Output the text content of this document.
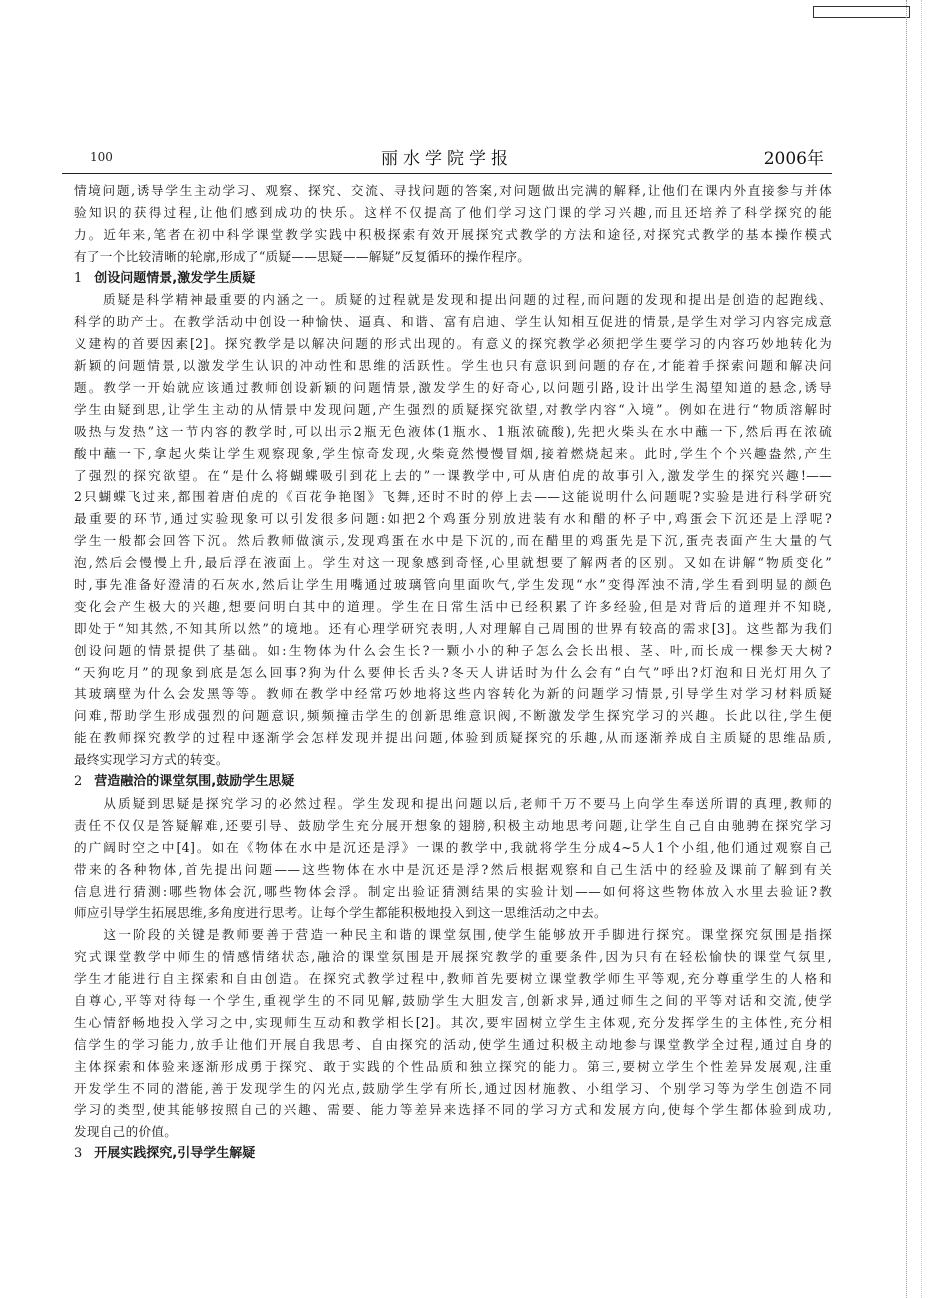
100	丽水学院学报	2006年
情境问题,诱导学生主动学习、观察、探究、交流、寻找问题的答案,对问题做出完满的解释,让他们在课内外直接参与并体
验知识的获得过程,让他们感到成功的快乐。这样不仅提高了他们学习这门课的学习兴趣,而且还培养了科学探究的能
力。近年来,笔者在初中科学课堂教学实践中积极探索有效开展探究式教学的方法和途径,对探究式教学的基本操作模式
有了一个比较清晰的轮廓,形成了“质疑——思疑——解疑”反复循环的操作程序。
1 创设问题情景,激发学生质疑
　　质疑是科学精神最重要的内涵之一。质疑的过程就是发现和提出问题的过程,而问题的发现和提出是创造的起跑线、
科学的助产士。在教学活动中创设一种愉快、逼真、和谐、富有启迪、学生认知相互促进的情景,是学生对学习内容完成意
义建构的首要因素[2]。探究教学是以解决问题的形式出现的。有意义的探究教学必须把学生要学习的内容巧妙地转化为
新颖的问题情景,以激发学生认识的冲动性和思维的活跃性。学生也只有意识到问题的存在,才能着手探索问题和解决问
题。教学一开始就应该通过教师创设新颖的问题情景,激发学生的好奇心,以问题引路,设计出学生渴望知道的悬念,诱导
学生由疑到思,让学生主动的从情景中发现问题,产生强烈的质疑探究欲望,对教学内容“入境”。例如在进行“物质溶解时
吸热与发热”这一节内容的教学时,可以出示2瓶无色液体(1瓶水、1瓶浓硫酸),先把火柴头在水中蘸一下,然后再在浓硫
酸中蘸一下,拿起火柴让学生观察现象,学生惊奇发现,火柴竟然慢慢冒烟,接着燃烧起来。此时,学生个个兴趣盎然,产生
了强烈的探究欲望。在“是什么将蝴蝶吸引到花上去的”一课教学中,可从唐伯虎的故事引入,激发学生的探究兴趣!——
2只蝴蝶飞过来,都围着唐伯虎的《百花争艳图》飞舞,还时不时的停上去——这能说明什么问题呢?实验是进行科学研究
最重要的环节,通过实验现象可以引发很多问题:如把2个鸡蛋分别放进装有水和醋的杯子中,鸡蛋会下沉还是上浮呢?
学生一般都会回答下沉。然后教师做演示,发现鸡蛋在水中是下沉的,而在醋里的鸡蛋先是下沉,蛋壳表面产生大量的气
泡,然后会慢慢上升,最后浮在液面上。学生对这一现象感到奇怪,心里就想要了解两者的区别。又如在讲解“物质变化”
时,事先准备好澄清的石灰水,然后让学生用嘴通过玻璃管向里面吹气,学生发现“水”变得浑浊不清,学生看到明显的颜色
变化会产生极大的兴趣,想要问明白其中的道理。学生在日常生活中已经积累了许多经验,但是对背后的道理并不知晓,
即处于“知其然,不知其所以然”的境地。还有心理学研究表明,人对理解自己周围的世界有较高的需求[3]。这些都为我们
创设问题的情景提供了基础。如:生物体为什么会生长?一颗小小的种子怎么会长出根、茎、叶,而长成一棵参天大树?
“天狗吃月”的现象到底是怎么回事?狗为什么要伸长舌头?冬天人讲话时为什么会有“白气”呼出?灯泡和日光灯用久了
其玻璃壁为什么会发黑等等。教师在教学中经常巧妙地将这些内容转化为新的问题学习情景,引导学生对学习材料质疑
问难,帮助学生形成强烈的问题意识,频频撞击学生的创新思维意识阀,不断激发学生探究学习的兴趣。长此以往,学生便
能在教师探究教学的过程中逐渐学会怎样发现并提出问题,体验到质疑探究的乐趣,从而逐渐养成自主质疑的思维品质,
最终实现学习方式的转变。
2 营造融洽的课堂氛围,鼓励学生思疑
　　从质疑到思疑是探究学习的必然过程。学生发现和提出问题以后,老师千万不要马上向学生奉送所谓的真理,教师的
责任不仅仅是答疑解难,还要引导、鼓励学生充分展开想象的翅膀,积极主动地思考问题,让学生自己自由驰骋在探究学习
的广阔时空之中[4]。如在《物体在水中是沉还是浮》一课的教学中,我就将学生分成4~5人1个小组,他们通过观察自己
带来的各种物体,首先提出问题——这些物体在水中是沉还是浮?然后根据观察和自己生活中的经验及课前了解到有关
信息进行猜测:哪些物体会沉,哪些物体会浮。制定出验证猜测结果的实验计划——如何将这些物体放入水里去验证?教
师应引导学生拓展思维,多角度进行思考。让每个学生都能积极地投入到这一思维活动之中去。
　　这一阶段的关键是教师要善于营造一种民主和谐的课堂氛围,使学生能够放开手脚进行探究。课堂探究氛围是指探
究式课堂教学中师生的情感情绪状态,融洽的课堂氛围是开展探究教学的重要条件,因为只有在轻松愉快的课堂气氛里,
学生才能进行自主探索和自由创造。在探究式教学过程中,教师首先要树立课堂教学师生平等观,充分尊重学生的人格和
自尊心,平等对待每一个学生,重视学生的不同见解,鼓励学生大胆发言,创新求异,通过师生之间的平等对话和交流,使学
生心情舒畅地投入学习之中,实现师生互动和教学相长[2]。其次,要牢固树立学生主体观,充分发挥学生的主体性,充分相
信学生的学习能力,放手让他们开展自我思考、自由探究的活动,使学生通过积极主动地参与课堂教学全过程,通过自身的
主体探索和体验来逐渐形成勇于探究、敢于实践的个性品质和独立探究的能力。第三,要树立学生个性差异发展观,注重
开发学生不同的潜能,善于发现学生的闪光点,鼓励学生学有所长,通过因材施教、小组学习、个别学习等为学生创造不同
学习的类型,使其能够按照自己的兴趣、需要、能力等差异来选择不同的学习方式和发展方向,使每个学生都体验到成功,
发现自己的价值。
3 开展实践探究,引导学生解疑
